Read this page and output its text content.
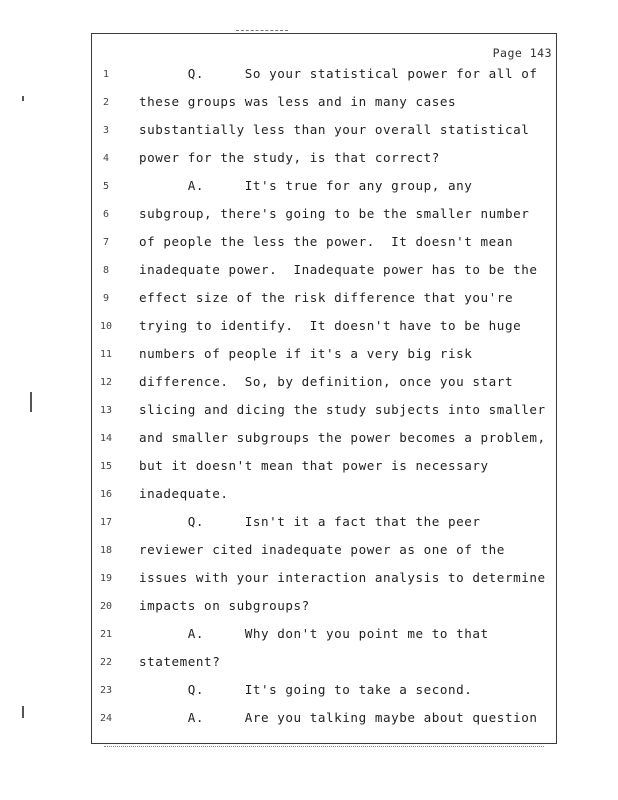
Page 143
1	Q.     So your statistical power for all of
2	these groups was less and in many cases
3	substantially less than your overall statistical
4	power for the study, is that correct?
5	A.     It's true for any group, any
6	subgroup, there's going to be the smaller number
7	of people the less the power.  It doesn't mean
8	inadequate power.  Inadequate power has to be the
9	effect size of the risk difference that you're
10	trying to identify.  It doesn't have to be huge
11	numbers of people if it's a very big risk
12	difference.  So, by definition, once you start
13	slicing and dicing the study subjects into smaller
14	and smaller subgroups the power becomes a problem,
15	but it doesn't mean that power is necessary
16	inadequate.
17	Q.     Isn't it a fact that the peer
18	reviewer cited inadequate power as one of the
19	issues with your interaction analysis to determine
20	impacts on subgroups?
21	A.     Why don't you point me to that
22	statement?
23	Q.     It's going to take a second.
24	A.     Are you talking maybe about question
